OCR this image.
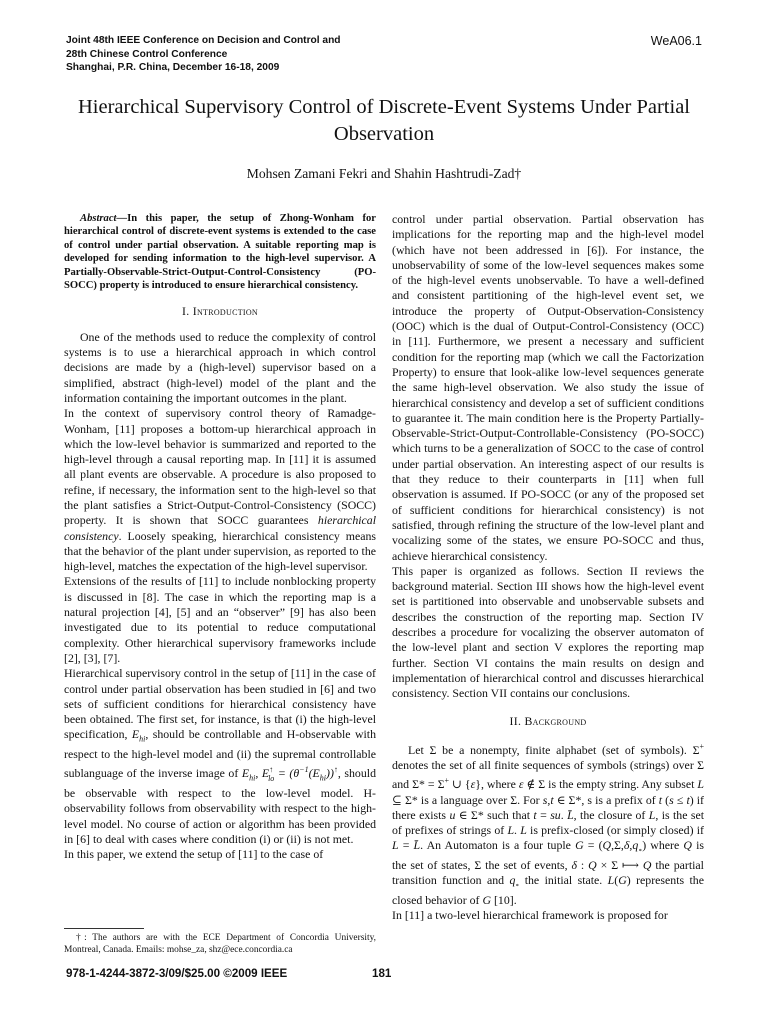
Joint 48th IEEE Conference on Decision and Control and
28th Chinese Control Conference
Shanghai, P.R. China, December 16-18, 2009
WeA06.1
Hierarchical Supervisory Control of Discrete-Event Systems Under Partial Observation
Mohsen Zamani Fekri and Shahin Hashtrudi-Zad†

Abstract—In this paper, the setup of Zhong-Wonham for hierarchical control of discrete-event systems is extended to the case of control under partial observation. A suitable reporting map is developed for sending information to the high-level supervisor. A Partially-Observable-Strict-Output-Control-Consistency (PO-SOCC) property is introduced to ensure hierarchical consistency.

I. Introduction

One of the methods used to reduce the complexity of control systems is to use a hierarchical approach in which control decisions are made by a (high-level) supervisor based on a simplified, abstract (high-level) model of the plant and the information containing the important outcomes in the plant.

In the context of supervisory control theory of Ramadge-Wonham, [11] proposes a bottom-up hierarchical approach in which the low-level behavior is summarized and reported to the high-level through a causal reporting map. In [11] it is assumed all plant events are observable. A procedure is also proposed to refine, if necessary, the information sent to the high-level so that the plant satisfies a Strict-Output-Control-Consistency (SOCC) property. It is shown that SOCC guarantees hierarchical consistency. Loosely speaking, hierarchical consistency means that the behavior of the plant under supervision, as reported to the high-level, matches the expectation of the high-level supervisor.

Extensions of the results of [11] to include nonblocking property is discussed in [8]. The case in which the reporting map is a natural projection [4], [5] and an “observer” [9] has also been investigated due to its potential to reduce computational complexity. Other hierarchical supervisory frameworks include [2], [3], [7].

Hierarchical supervisory control in the setup of [11] in the case of control under partial observation has been studied in [6] and two sets of sufficient conditions for hierarchical consistency have been obtained. The first set, for instance, is that (i) the high-level specification, $E_{hi}$, should be controllable and H-observable with respect to the high-level model and (ii) the supremal controllable sublanguage of the inverse image of $E_{hi}$, $E^↑_{lo} = (\theta^{-1}(E_{hi}))^↑$, should be observable with respect to the low-level model. H-observability follows from observability with respect to the high-level model. No course of action or algorithm has been provided in [6] to deal with cases where condition (i) or (ii) is not met.

In this paper, we extend the setup of [11] to the case of

control under partial observation. Partial observation has implications for the reporting map and the high-level model (which have not been addressed in [6]). For instance, the unobservability of some of the low-level sequences makes some of the high-level events unobservable. To have a well-defined and consistent partitioning of the high-level event set, we introduce the property of Output-Observation-Consistency (OOC) which is the dual of Output-Control-Consistency (OCC) in [11]. Furthermore, we present a necessary and sufficient condition for the reporting map (which we call the Factorization Property) to ensure that look-alike low-level sequences generate the same high-level observation. We also study the issue of hierarchical consistency and develop a set of sufficient conditions to guarantee it. The main condition here is the Property Partially-Observable-Strict-Output-Controllable-Consistency (PO-SOCC) which turns to be a generalization of SOCC to the case of control under partial observation. An interesting aspect of our results is that they reduce to their counterparts in [11] when full observation is assumed. If PO-SOCC (or any of the proposed set of sufficient conditions for hierarchical consistency) is not satisfied, through refining the structure of the low-level plant and vocalizing some of the states, we ensure PO-SOCC and thus, achieve hierarchical consistency.

This paper is organized as follows. Section II reviews the background material. Section III shows how the high-level event set is partitioned into observable and unobservable subsets and describes the construction of the reporting map. Section IV describes a procedure for vocalizing the observer automaton of the low-level plant and section V explores the reporting map further. Section VI contains the main results on design and implementation of hierarchical control and discusses hierarchical consistency. Section VII contains our conclusions.

II. Background

Let Σ be a nonempty, finite alphabet (set of symbols). Σ+ denotes the set of all finite sequences of symbols (strings) over Σ and Σ* = Σ+ ∪ {ε}, where ε ∉ Σ is the empty string. Any subset L ⊆ Σ* is a language over Σ. For s,t ∈ Σ*, s is a prefix of t (s ≤ t) if there exists u ∈ Σ* such that t = su. L̄, the closure of L, is the set of prefixes of strings of L. L is prefix-closed (or simply closed) if L = L̄. An Automaton is a four tuple $G = (Q,\Sigma,\delta,q_\circ)$ where Q is the set of states, Σ the set of events, δ : Q × Σ ⟼ Q the partial transition function and $q_\circ$ the initial state. L(G) represents the closed behavior of G [10].

In [11] a two-level hierarchical framework is proposed for

†: The authors are with the ECE Department of Concordia University, Montreal, Canada. Emails: mohse_za, shz@ece.concordia.ca
978-1-4244-3872-3/09/$25.00 ©2009 IEEE	181
